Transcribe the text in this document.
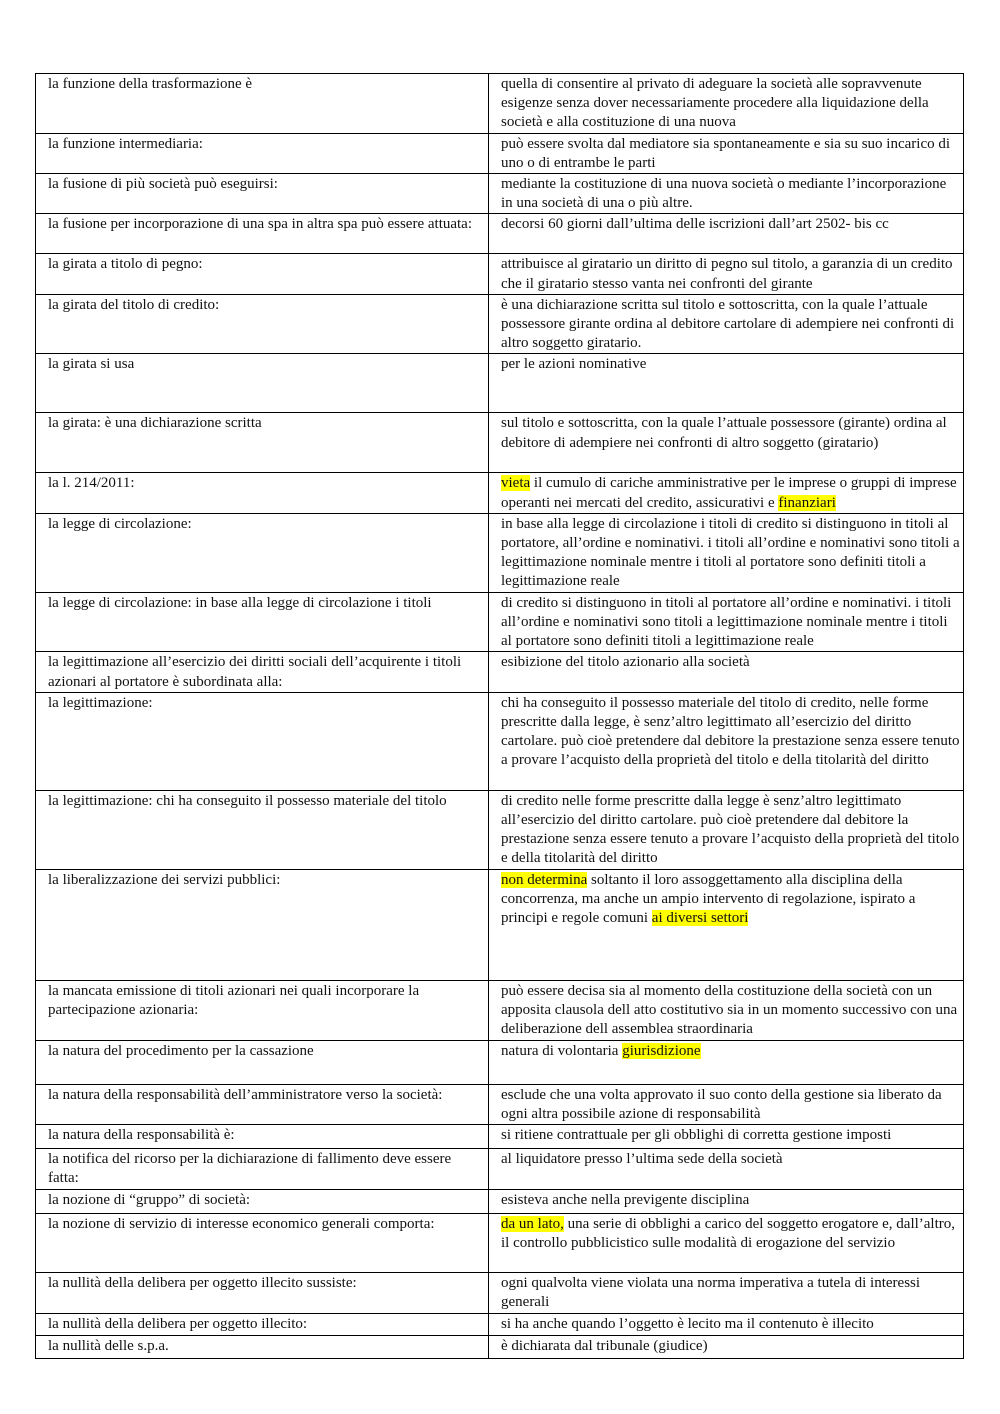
la funzione della trasformazione è	quella di consentire al privato di adeguare la società alle sopravvenute esigenze senza dover necessariamente procedere alla liquidazione della società e alla costituzione di una nuova
la funzione intermediaria:	può essere svolta dal mediatore sia spontaneamente e sia su suo incarico di uno o di entrambe le parti
la fusione di più società può eseguirsi:	mediante la costituzione di una nuova società o mediante l’incorporazione in una società di una o più altre.
la fusione per incorporazione di una spa in altra spa può essere attuata:	decorsi 60 giorni dall’ultima delle iscrizioni dall’art 2502- bis cc
la girata a titolo di pegno:	attribuisce al giratario un diritto di pegno sul titolo, a garanzia di un credito che il giratario stesso vanta nei confronti del girante
la girata del titolo di credito:	è una dichiarazione scritta sul titolo e sottoscritta, con la quale l’attuale possessore girante ordina al debitore cartolare di adempiere nei confronti di altro soggetto giratario.
la girata si usa	per le azioni nominative
la girata: è una dichiarazione scritta	sul titolo e sottoscritta, con la quale l’attuale possessore (girante) ordina al debitore di adempiere nei confronti di altro soggetto (giratario)
la l. 214/2011:	vieta il cumulo di cariche amministrative per le imprese o gruppi di imprese operanti nei mercati del credito, assicurativi e finanziari
la legge di circolazione:	in base alla legge di circolazione i titoli di credito si distinguono in titoli al portatore, all’ordine e nominativi. i titoli all’ordine e nominativi sono titoli a legittimazione nominale mentre i titoli al portatore sono definiti titoli a legittimazione reale
la legge di circolazione: in base alla legge di circolazione i titoli	di credito si distinguono in titoli al portatore all’ordine e nominativi. i titoli all’ordine e nominativi sono titoli a legittimazione nominale mentre i titoli al portatore sono definiti titoli a legittimazione reale
la legittimazione all’esercizio dei diritti sociali dell’acquirente i titoli azionari al portatore è subordinata alla:	esibizione del titolo azionario alla società
la legittimazione:	chi ha conseguito il possesso materiale del titolo di credito, nelle forme prescritte dalla legge, è senz’altro legittimato all’esercizio del diritto cartolare. può cioè pretendere dal debitore la prestazione senza essere tenuto a provare l’acquisto della proprietà del titolo e della titolarità del diritto
la legittimazione: chi ha conseguito il possesso materiale del titolo	di credito nelle forme prescritte dalla legge è senz’altro legittimato all’esercizio del diritto cartolare. può cioè pretendere dal debitore la prestazione senza essere tenuto a provare l’acquisto della proprietà del titolo e della titolarità del diritto
la liberalizzazione dei servizi pubblici:	non determina soltanto il loro assoggettamento alla disciplina della concorrenza, ma anche un ampio intervento di regolazione, ispirato a principi e regole comuni ai diversi settori
la mancata emissione di titoli azionari nei quali incorporare la partecipazione azionaria:	può essere decisa sia al momento della costituzione della società con un apposita clausola dell atto costitutivo sia in un momento successivo con una deliberazione dell assemblea straordinaria
la natura del procedimento per la cassazione	natura di volontaria giurisdizione
la natura della responsabilità dell’amministratore verso la società:	esclude che una volta approvato il suo conto della gestione sia liberato da ogni altra possibile azione di responsabilità
la natura della responsabilità è:	si ritiene contrattuale per gli obblighi di corretta gestione imposti
la notifica del ricorso per la dichiarazione di fallimento deve essere fatta:	al liquidatore presso l’ultima sede della società
la nozione di “gruppo” di società:	esisteva anche nella previgente disciplina
la nozione di servizio di interesse economico generali comporta:	da un lato, una serie di obblighi a carico del soggetto erogatore e, dall’altro, il controllo pubblicistico sulle modalità di erogazione del servizio
la nullità della delibera per oggetto illecito sussiste:	ogni qualvolta viene violata una norma imperativa a tutela di interessi generali
la nullità della delibera per oggetto illecito:	si ha anche quando l’oggetto è lecito ma il contenuto è illecito
la nullità delle s.p.a.	è dichiarata dal tribunale (giudice)
